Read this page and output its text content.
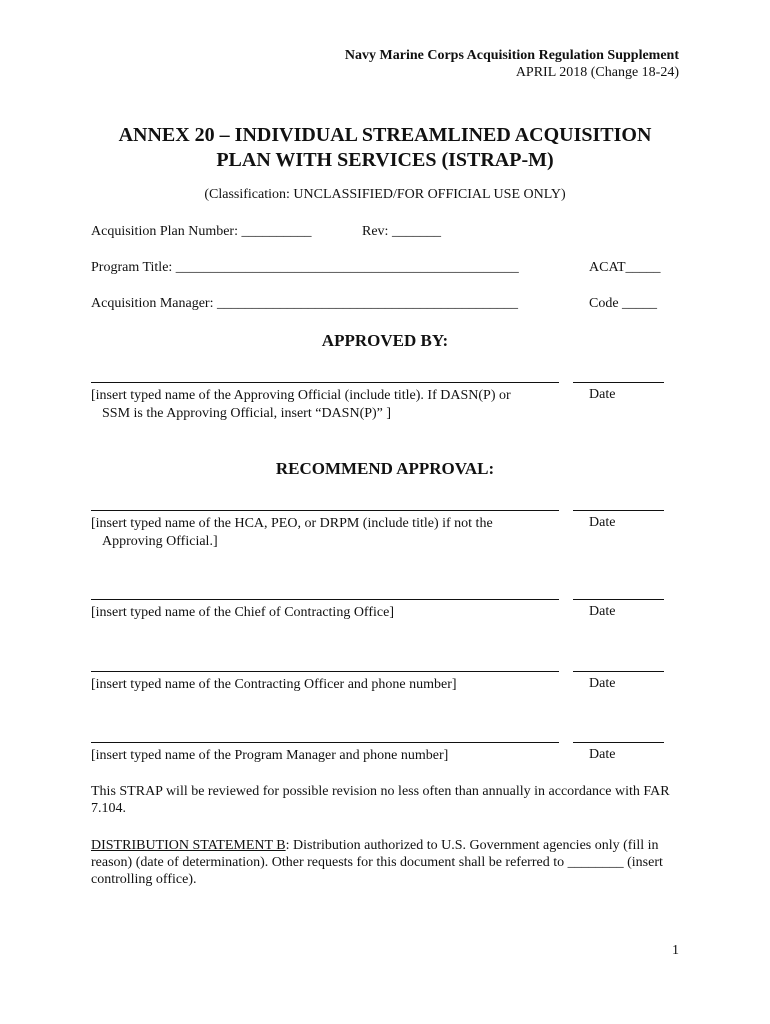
Navy Marine Corps Acquisition Regulation Supplement
APRIL 2018 (Change 18-24)
ANNEX 20 – INDIVIDUAL STREAMLINED ACQUISITION
PLAN WITH SERVICES (ISTRAP-M)
(Classification: UNCLASSIFIED/FOR OFFICIAL USE ONLY)
Acquisition Plan Number: __________	Rev: _______
Program Title: _________________________________________________	ACAT_____
Acquisition Manager: ___________________________________________	Code _____
APPROVED BY:
[insert typed name of the Approving Official (include title). If DASN(P) or
SSM is the Approving Official, insert “DASN(P)” ]
Date
RECOMMEND APPROVAL:
[insert typed name of the HCA, PEO, or DRPM (include title) if not the
Approving Official.]
Date
[insert typed name of the Chief of Contracting Office]	Date
[insert typed name of the Contracting Officer and phone number]	Date
[insert typed name of the Program Manager and phone number]	Date
This STRAP will be reviewed for possible revision no less often than annually in accordance with FAR 7.104.
DISTRIBUTION STATEMENT B: Distribution authorized to U.S. Government agencies only (fill in reason) (date of determination). Other requests for this document shall be referred to ________ (insert controlling office).
1
